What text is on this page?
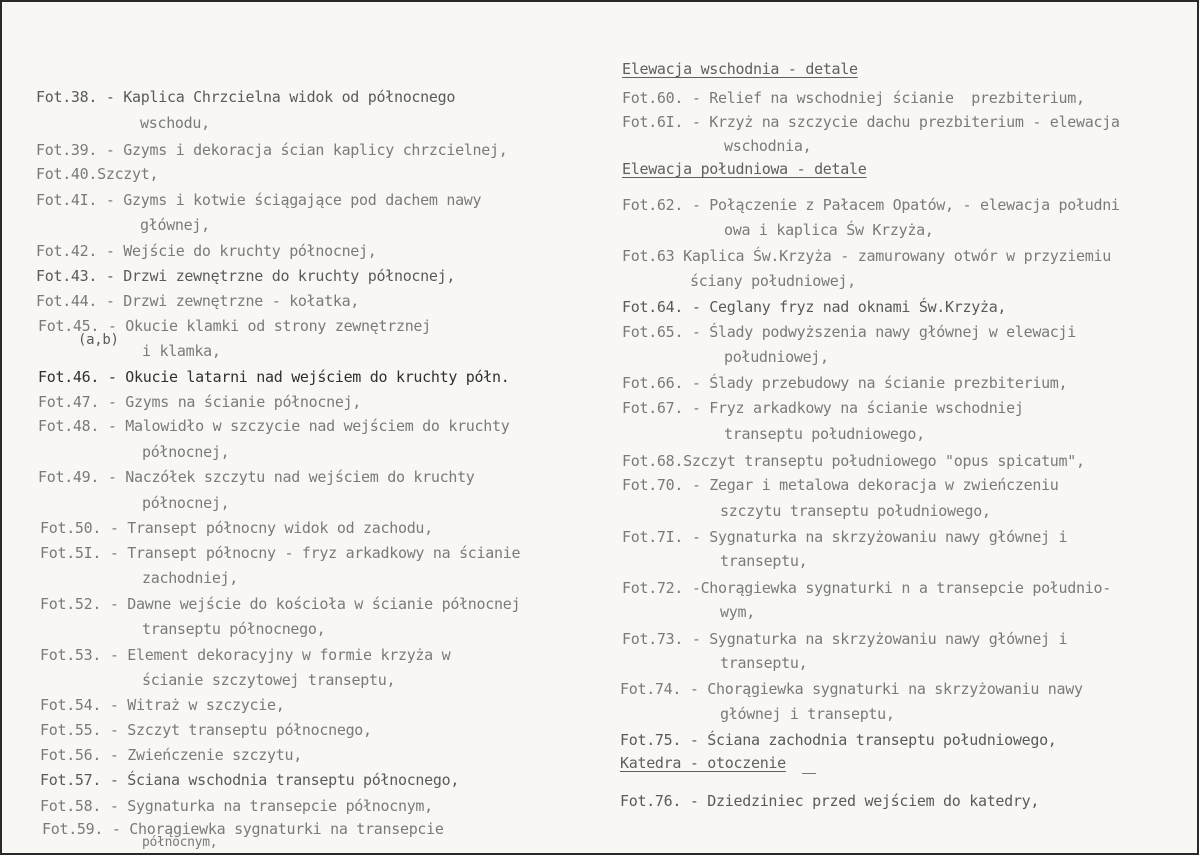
Fot.38. - Kaplica Chrzcielna widok od północnego
wschodu,
Fot.39. - Gzyms i dekoracja ścian kaplicy chrzcielnej,
Fot.40.Szczyt,
Fot.4I. - Gzyms i kotwie ściągające pod dachem nawy
głównej,
Fot.42. - Wejście do kruchty północnej,
Fot.43. - Drzwi zewnętrzne do kruchty północnej,
Fot.44. - Drzwi zewnętrzne - kołatka,
Fot.45. - Okucie klamki od strony zewnętrznej
(a,b)
i klamka,
Fot.46. - Okucie latarni nad wejściem do kruchty półn.
Fot.47. - Gzyms na ścianie północnej,
Fot.48. - Malowidło w szczycie nad wejściem do kruchty
północnej,
Fot.49. - Naczółek szczytu nad wejściem do kruchty
północnej,
Fot.50. - Transept północny widok od zachodu,
Fot.5I. - Transept północny - fryz arkadkowy na ścianie
zachodniej,
Fot.52. - Dawne wejście do kościoła w ścianie północnej
transeptu północnego,
Fot.53. - Element dekoracyjny w formie krzyża w
ścianie szczytowej transeptu,
Fot.54. - Witraż w szczycie,
Fot.55. - Szczyt transeptu północnego,
Fot.56. - Zwieńczenie szczytu,
Fot.57. - Ściana wschodnia transeptu północnego,
Fot.58. - Sygnaturka na transepcie północnym,
Fot.59. - Chorągiewka sygnaturki na transepcie
północnym,
Elewacja wschodnia - detale
Fot.60. - Relief na wschodniej ścianie  prezbiterium,
Fot.6I. - Krzyż na szczycie dachu prezbiterium - elewacja
wschodnia,
Elewacja południowa - detale
Fot.62. - Połączenie z Pałacem Opatów, - elewacja południ
owa i kaplica Św Krzyża,
Fot.63 Kaplica Św.Krzyża - zamurowany otwór w przyziemiu
ściany południowej,
Fot.64. - Ceglany fryz nad oknami Św.Krzyża,
Fot.65. - Ślady podwyższenia nawy głównej w elewacji
południowej,
Fot.66. - Ślady przebudowy na ścianie prezbiterium,
Fot.67. - Fryz arkadkowy na ścianie wschodniej
transeptu południowego,
Fot.68.Szczyt transeptu południowego "opus spicatum",
Fot.70. - Zegar i metalowa dekoracja w zwieńczeniu
szczytu transeptu południowego,
Fot.7I. - Sygnaturka na skrzyżowaniu nawy głównej i
transeptu,
Fot.72. -Chorągiewka sygnaturki n a transepcie południo-
wym,
Fot.73. - Sygnaturka na skrzyżowaniu nawy głównej i
transeptu,
Fot.74. - Chorągiewka sygnaturki na skrzyżowaniu nawy
głównej i transeptu,
Fot.75. - Ściana zachodnia transeptu południowego,
Katedra - otoczenie
Fot.76. - Dziedziniec przed wejściem do katedry,
